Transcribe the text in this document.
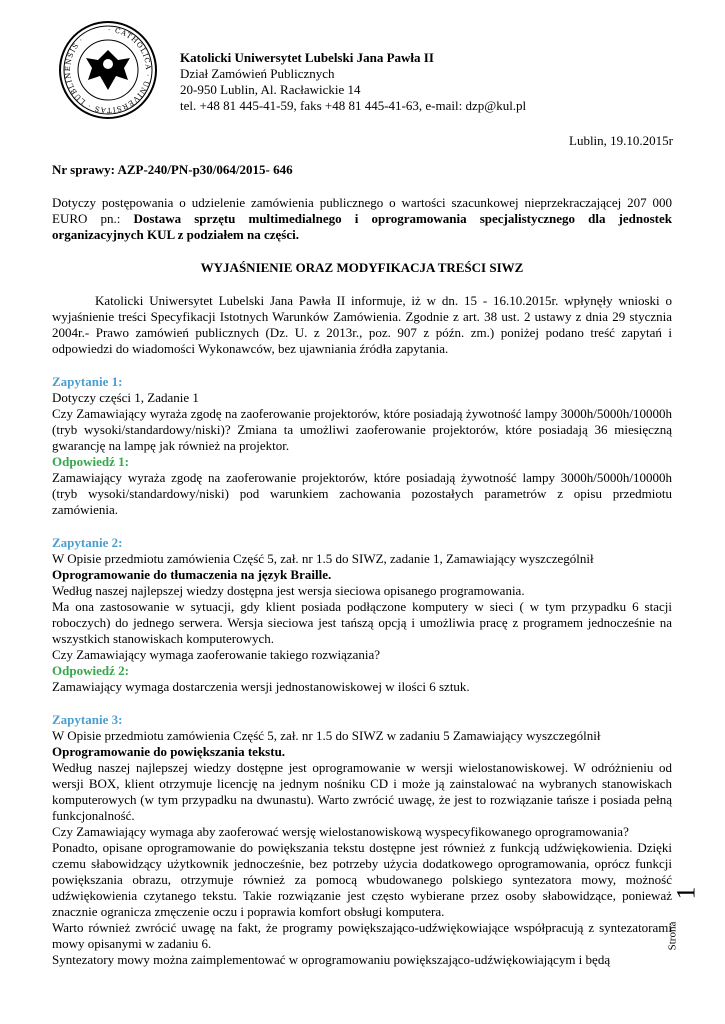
· CATHOLICA · UNIVERSITAS · LUBLINENSIS ·
Katolicki Uniwersytet Lubelski Jana Pawła II
Dział Zamówień Publicznych
20-950 Lublin, Al. Racławickie 14
tel. +48 81 445-41-59, faks +48 81 445-41-63, e-mail: dzp@kul.pl
Lublin, 19.10.2015r

Nr sprawy: AZP-240/PN-p30/064/2015- 646

Dotyczy postępowania o udzielenie zamówienia publicznego o wartości szacunkowej nieprzekraczającej 207 000 EURO pn.: Dostawa sprzętu multimedialnego i oprogramowania specjalistycznego dla jednostek organizacyjnych KUL z podziałem na części.

WYJAŚNIENIE ORAZ MODYFIKACJA TREŚCI SIWZ

Katolicki Uniwersytet Lubelski Jana Pawła II informuje, iż w dn. 15 - 16.10.2015r. wpłynęły wnioski o wyjaśnienie treści Specyfikacji Istotnych Warunków Zamówienia. Zgodnie z art. 38 ust. 2 ustawy z dnia 29 stycznia 2004r.- Prawo zamówień publicznych (Dz. U. z 2013r., poz. 907 z późn. zm.) poniżej podano treść zapytań i odpowiedzi do wiadomości Wykonawców, bez ujawniania źródła zapytania.

Zapytanie 1:

Dotyczy części 1, Zadanie 1

Czy Zamawiający wyraża zgodę na zaoferowanie projektorów, które posiadają żywotność lampy 3000h/5000h/10000h (tryb wysoki/standardowy/niski)? Zmiana ta umożliwi zaoferowanie projektorów, które posiadają 36 miesięczną gwarancję na lampę jak również na projektor.

Odpowiedź 1:

Zamawiający wyraża zgodę na zaoferowanie projektorów, które posiadają żywotność lampy 3000h/5000h/10000h (tryb wysoki/standardowy/niski) pod warunkiem zachowania pozostałych parametrów z opisu przedmiotu zamówienia.

Zapytanie 2:

W Opisie przedmiotu zamówienia Część 5, zał. nr 1.5 do SIWZ, zadanie 1, Zamawiający wyszczególnił

Oprogramowanie do tłumaczenia na język Braille.

Według naszej najlepszej wiedzy dostępna jest wersja sieciowa opisanego programowania.

Ma ona zastosowanie w sytuacji, gdy klient posiada podłączone komputery w sieci ( w tym przypadku 6 stacji roboczych) do jednego serwera. Wersja sieciowa jest tańszą opcją i umożliwia pracę z programem jednocześnie na wszystkich stanowiskach komputerowych.

Czy Zamawiający wymaga zaoferowanie takiego rozwiązania?

Odpowiedź 2:

Zamawiający wymaga dostarczenia wersji jednostanowiskowej w ilości 6 sztuk.

Zapytanie 3:

W Opisie przedmiotu zamówienia Część 5, zał. nr 1.5 do SIWZ w zadaniu 5 Zamawiający wyszczególnił

Oprogramowanie do powiększania tekstu.

Według naszej najlepszej wiedzy dostępne jest oprogramowanie w wersji wielostanowiskowej. W odróżnieniu od wersji BOX, klient otrzymuje licencję na jednym nośniku CD i może ją zainstalować na wybranych stanowiskach komputerowych (w tym przypadku na dwunastu). Warto zwrócić uwagę, że jest to rozwiązanie tańsze i posiada pełną funkcjonalność.

Czy Zamawiający wymaga aby zaoferować wersję wielostanowiskową wyspecyfikowanego oprogramowania?

Ponadto, opisane oprogramowanie do powiększania tekstu dostępne jest również z funkcją udźwiękowienia. Dzięki czemu słabowidzący użytkownik jednocześnie, bez potrzeby użycia dodatkowego oprogramowania, oprócz funkcji powiększania obrazu, otrzymuje również za pomocą wbudowanego polskiego syntezatora mowy, możność udźwiękowienia czytanego tekstu. Takie rozwiązanie jest często wybierane przez osoby słabowidzące, ponieważ znacznie ogranicza zmęczenie oczu i poprawia komfort obsługi komputera.

Warto również zwrócić uwagę na fakt, że programy powiększająco-udźwiękowiające współpracują z syntezatorami mowy opisanymi w zadaniu 6.

Syntezatory mowy można zaimplementować w oprogramowaniu powiększająco-udźwiękowiającym i będą

Strona
1
